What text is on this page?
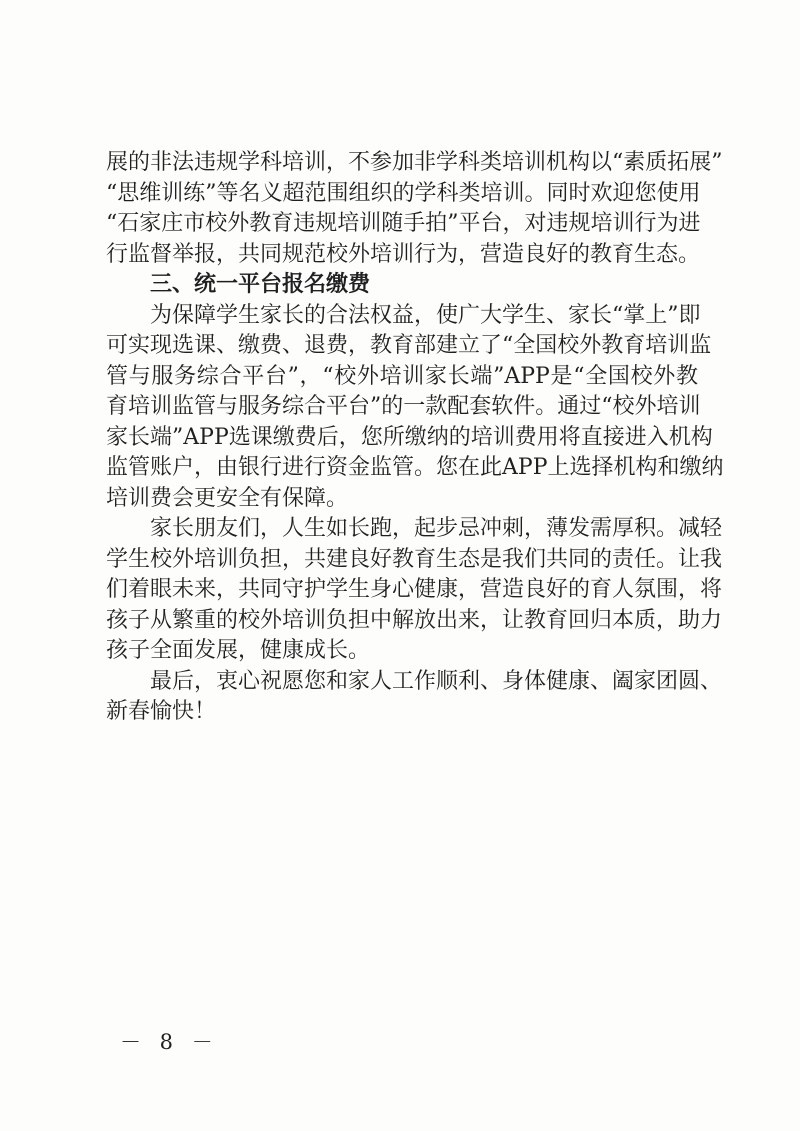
展的非法违规学科培训，不参加非学科类培训机构以“素质拓展”
“思维训练”等名义超范围组织的学科类培训。同时欢迎您使用
“石家庄市校外教育违规培训随手拍”平台，对违规培训行为进
行监督举报，共同规范校外培训行为，营造良好的教育生态。
三、统一平台报名缴费
为保障学生家长的合法权益，使广大学生、家长“掌上”即
可实现选课、缴费、退费，教育部建立了“全国校外教育培训监
管与服务综合平台”，“校外培训家长端”APP是“全国校外教
育培训监管与服务综合平台”的一款配套软件。通过“校外培训
家长端”APP选课缴费后，您所缴纳的培训费用将直接进入机构
监管账户，由银行进行资金监管。您在此APP上选择机构和缴纳
培训费会更安全有保障。
家长朋友们，人生如长跑，起步忌冲刺，薄发需厚积。减轻
学生校外培训负担，共建良好教育生态是我们共同的责任。让我
们着眼未来，共同守护学生身心健康，营造良好的育人氛围，将
孩子从繁重的校外培训负担中解放出来，让教育回归本质，助力
孩子全面发展，健康成长。
最后，衷心祝愿您和家人工作顺利、身体健康、阖家团圆、
新春愉快！
－ 8 －
